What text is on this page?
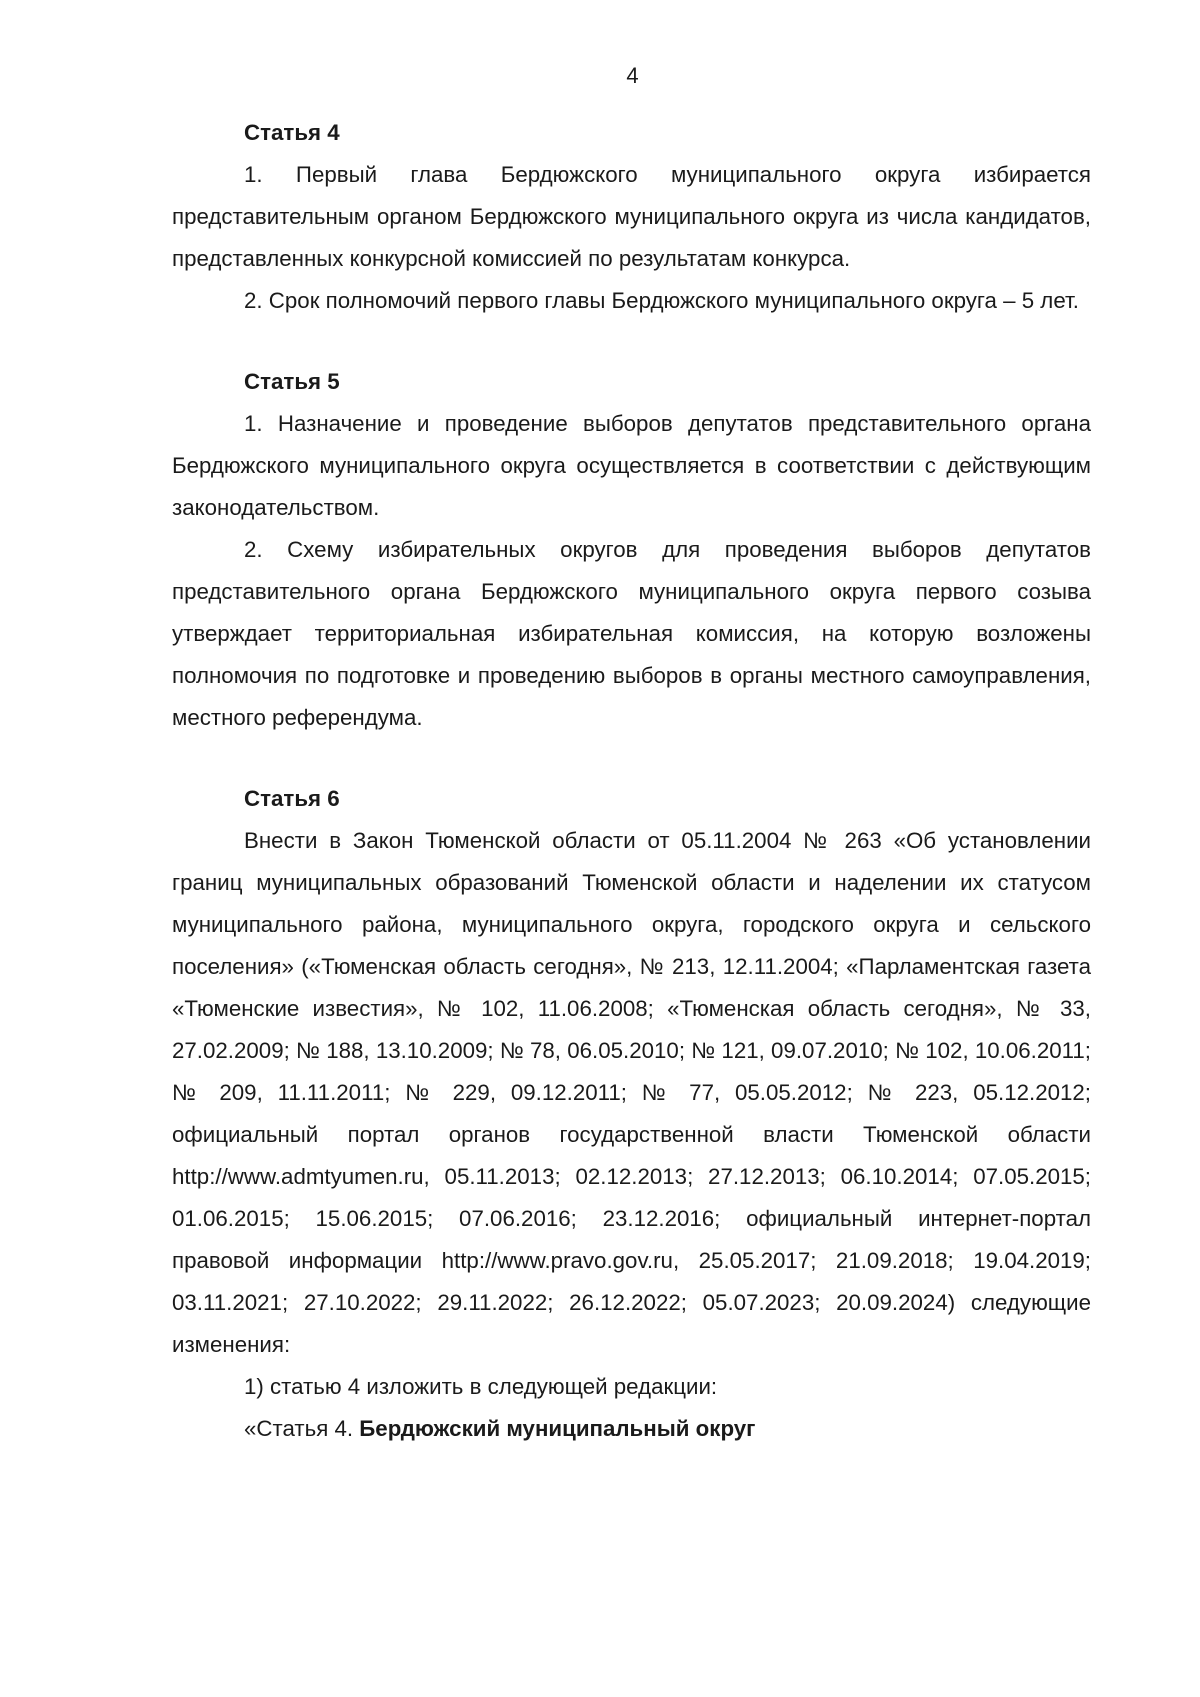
4

Статья 4

1. Первый глава Бердюжского муниципального округа избирается представительным органом Бердюжского муниципального округа из числа кандидатов, представленных конкурсной комиссией по результатам конкурса.

2. Срок полномочий первого главы Бердюжского муниципального округа – 5 лет.

Статья 5

1. Назначение и проведение выборов депутатов представительного органа Бердюжского муниципального округа осуществляется в соответствии с действующим законодательством.

2. Схему избирательных округов для проведения выборов депутатов представительного органа Бердюжского муниципального округа первого созыва утверждает территориальная избирательная комиссия, на которую возложены полномочия по подготовке и проведению выборов в органы местного самоуправления, местного референдума.

Статья 6

Внести в Закон Тюменской области от 05.11.2004 № 263 «Об установлении границ муниципальных образований Тюменской области и наделении их статусом муниципального района, муниципального округа, городского округа и сельского поселения» («Тюменская область сегодня», № 213, 12.11.2004; «Парламентская газета «Тюменские известия», № 102, 11.06.2008; «Тюменская область сегодня», № 33, 27.02.2009; № 188, 13.10.2009; № 78, 06.05.2010; № 121, 09.07.2010; № 102, 10.06.2011; № 209, 11.11.2011; № 229, 09.12.2011; № 77, 05.05.2012; № 223, 05.12.2012; официальный портал органов государственной власти Тюменской области http://www.admtyumen.ru, 05.11.2013; 02.12.2013; 27.12.2013; 06.10.2014; 07.05.2015; 01.06.2015; 15.06.2015; 07.06.2016; 23.12.2016; официальный интернет-портал правовой информации http://www.pravo.gov.ru, 25.05.2017; 21.09.2018; 19.04.2019; 03.11.2021; 27.10.2022; 29.11.2022; 26.12.2022; 05.07.2023; 20.09.2024) следующие изменения:

1) статью 4 изложить в следующей редакции:

«Статья 4. Бердюжский муниципальный округ
